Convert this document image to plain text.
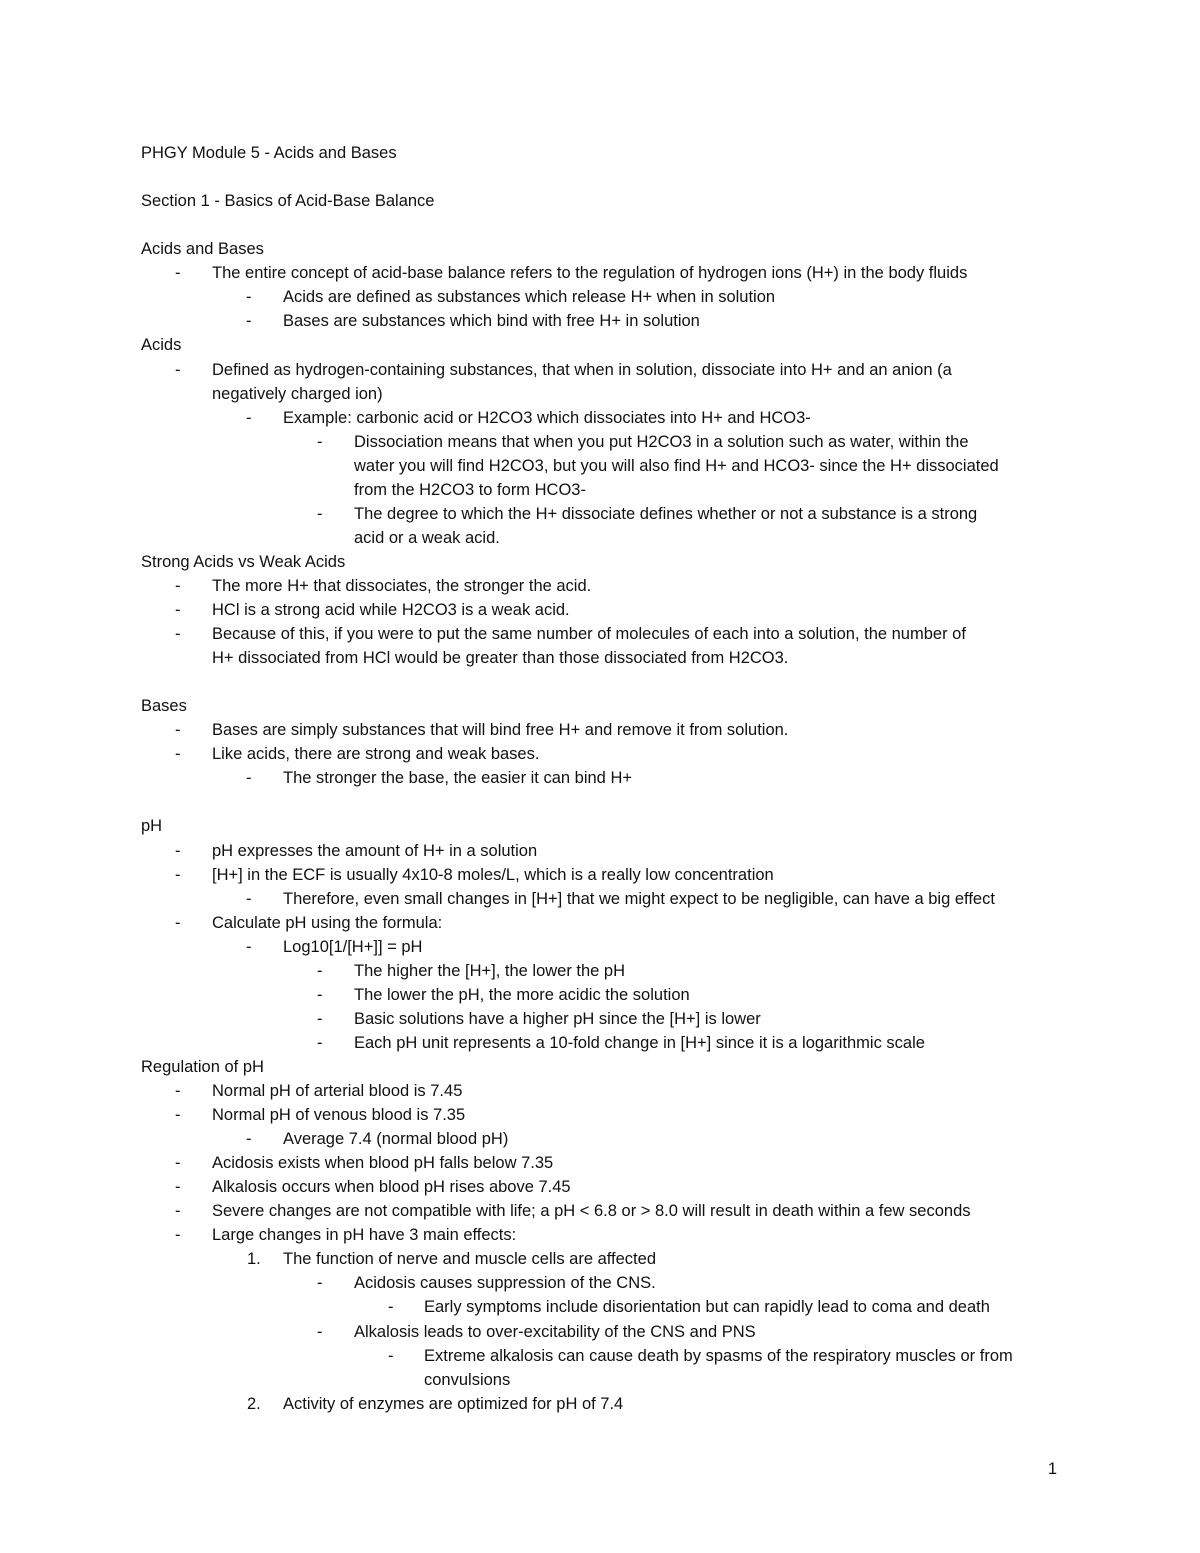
PHGY Module 5 - Acids and Bases
Section 1 - Basics of Acid-Base Balance
Acids and Bases
-	The entire concept of acid-base balance refers to the regulation of hydrogen ions (H+) in the body fluids
-	Acids are defined as substances which release H+ when in solution
-	Bases are substances which bind with free H+ in solution
Acids
-	Defined as hydrogen-containing substances, that when in solution, dissociate into H+ and an anion (a
negatively charged ion)
-	Example: carbonic acid or H2CO3 which dissociates into H+ and HCO3-
-	Dissociation means that when you put H2CO3 in a solution such as water, within the
water you will find H2CO3, but you will also find H+ and HCO3- since the H+ dissociated
from the H2CO3 to form HCO3-
-	The degree to which the H+ dissociate defines whether or not a substance is a strong
acid or a weak acid.
Strong Acids vs Weak Acids
-	The more H+ that dissociates, the stronger the acid.
-	HCl is a strong acid while H2CO3 is a weak acid.
-	Because of this, if you were to put the same number of molecules of each into a solution, the number of
H+ dissociated from HCl would be greater than those dissociated from H2CO3.
Bases
-	Bases are simply substances that will bind free H+ and remove it from solution.
-	Like acids, there are strong and weak bases.
-	The stronger the base, the easier it can bind H+
pH
-	pH expresses the amount of H+ in a solution
-	[H+] in the ECF is usually 4x10-8 moles/L, which is a really low concentration
-	Therefore, even small changes in [H+] that we might expect to be negligible, can have a big effect
-	Calculate pH using the formula:
-	Log10[1/[H+]] = pH
-	The higher the [H+], the lower the pH
-	The lower the pH, the more acidic the solution
-	Basic solutions have a higher pH since the [H+] is lower
-	Each pH unit represents a 10-fold change in [H+] since it is a logarithmic scale
Regulation of pH
-	Normal pH of arterial blood is 7.45
-	Normal pH of venous blood is 7.35
-	Average 7.4 (normal blood pH)
-	Acidosis exists when blood pH falls below 7.35
-	Alkalosis occurs when blood pH rises above 7.45
-	Severe changes are not compatible with life; a pH < 6.8 or > 8.0 will result in death within a few seconds
-	Large changes in pH have 3 main effects:
1.	The function of nerve and muscle cells are affected
-	Acidosis causes suppression of the CNS.
-	Early symptoms include disorientation but can rapidly lead to coma and death
-	Alkalosis leads to over-excitability of the CNS and PNS
-	Extreme alkalosis can cause death by spasms of the respiratory muscles or from
convulsions
2.	Activity of enzymes are optimized for pH of 7.4
1
